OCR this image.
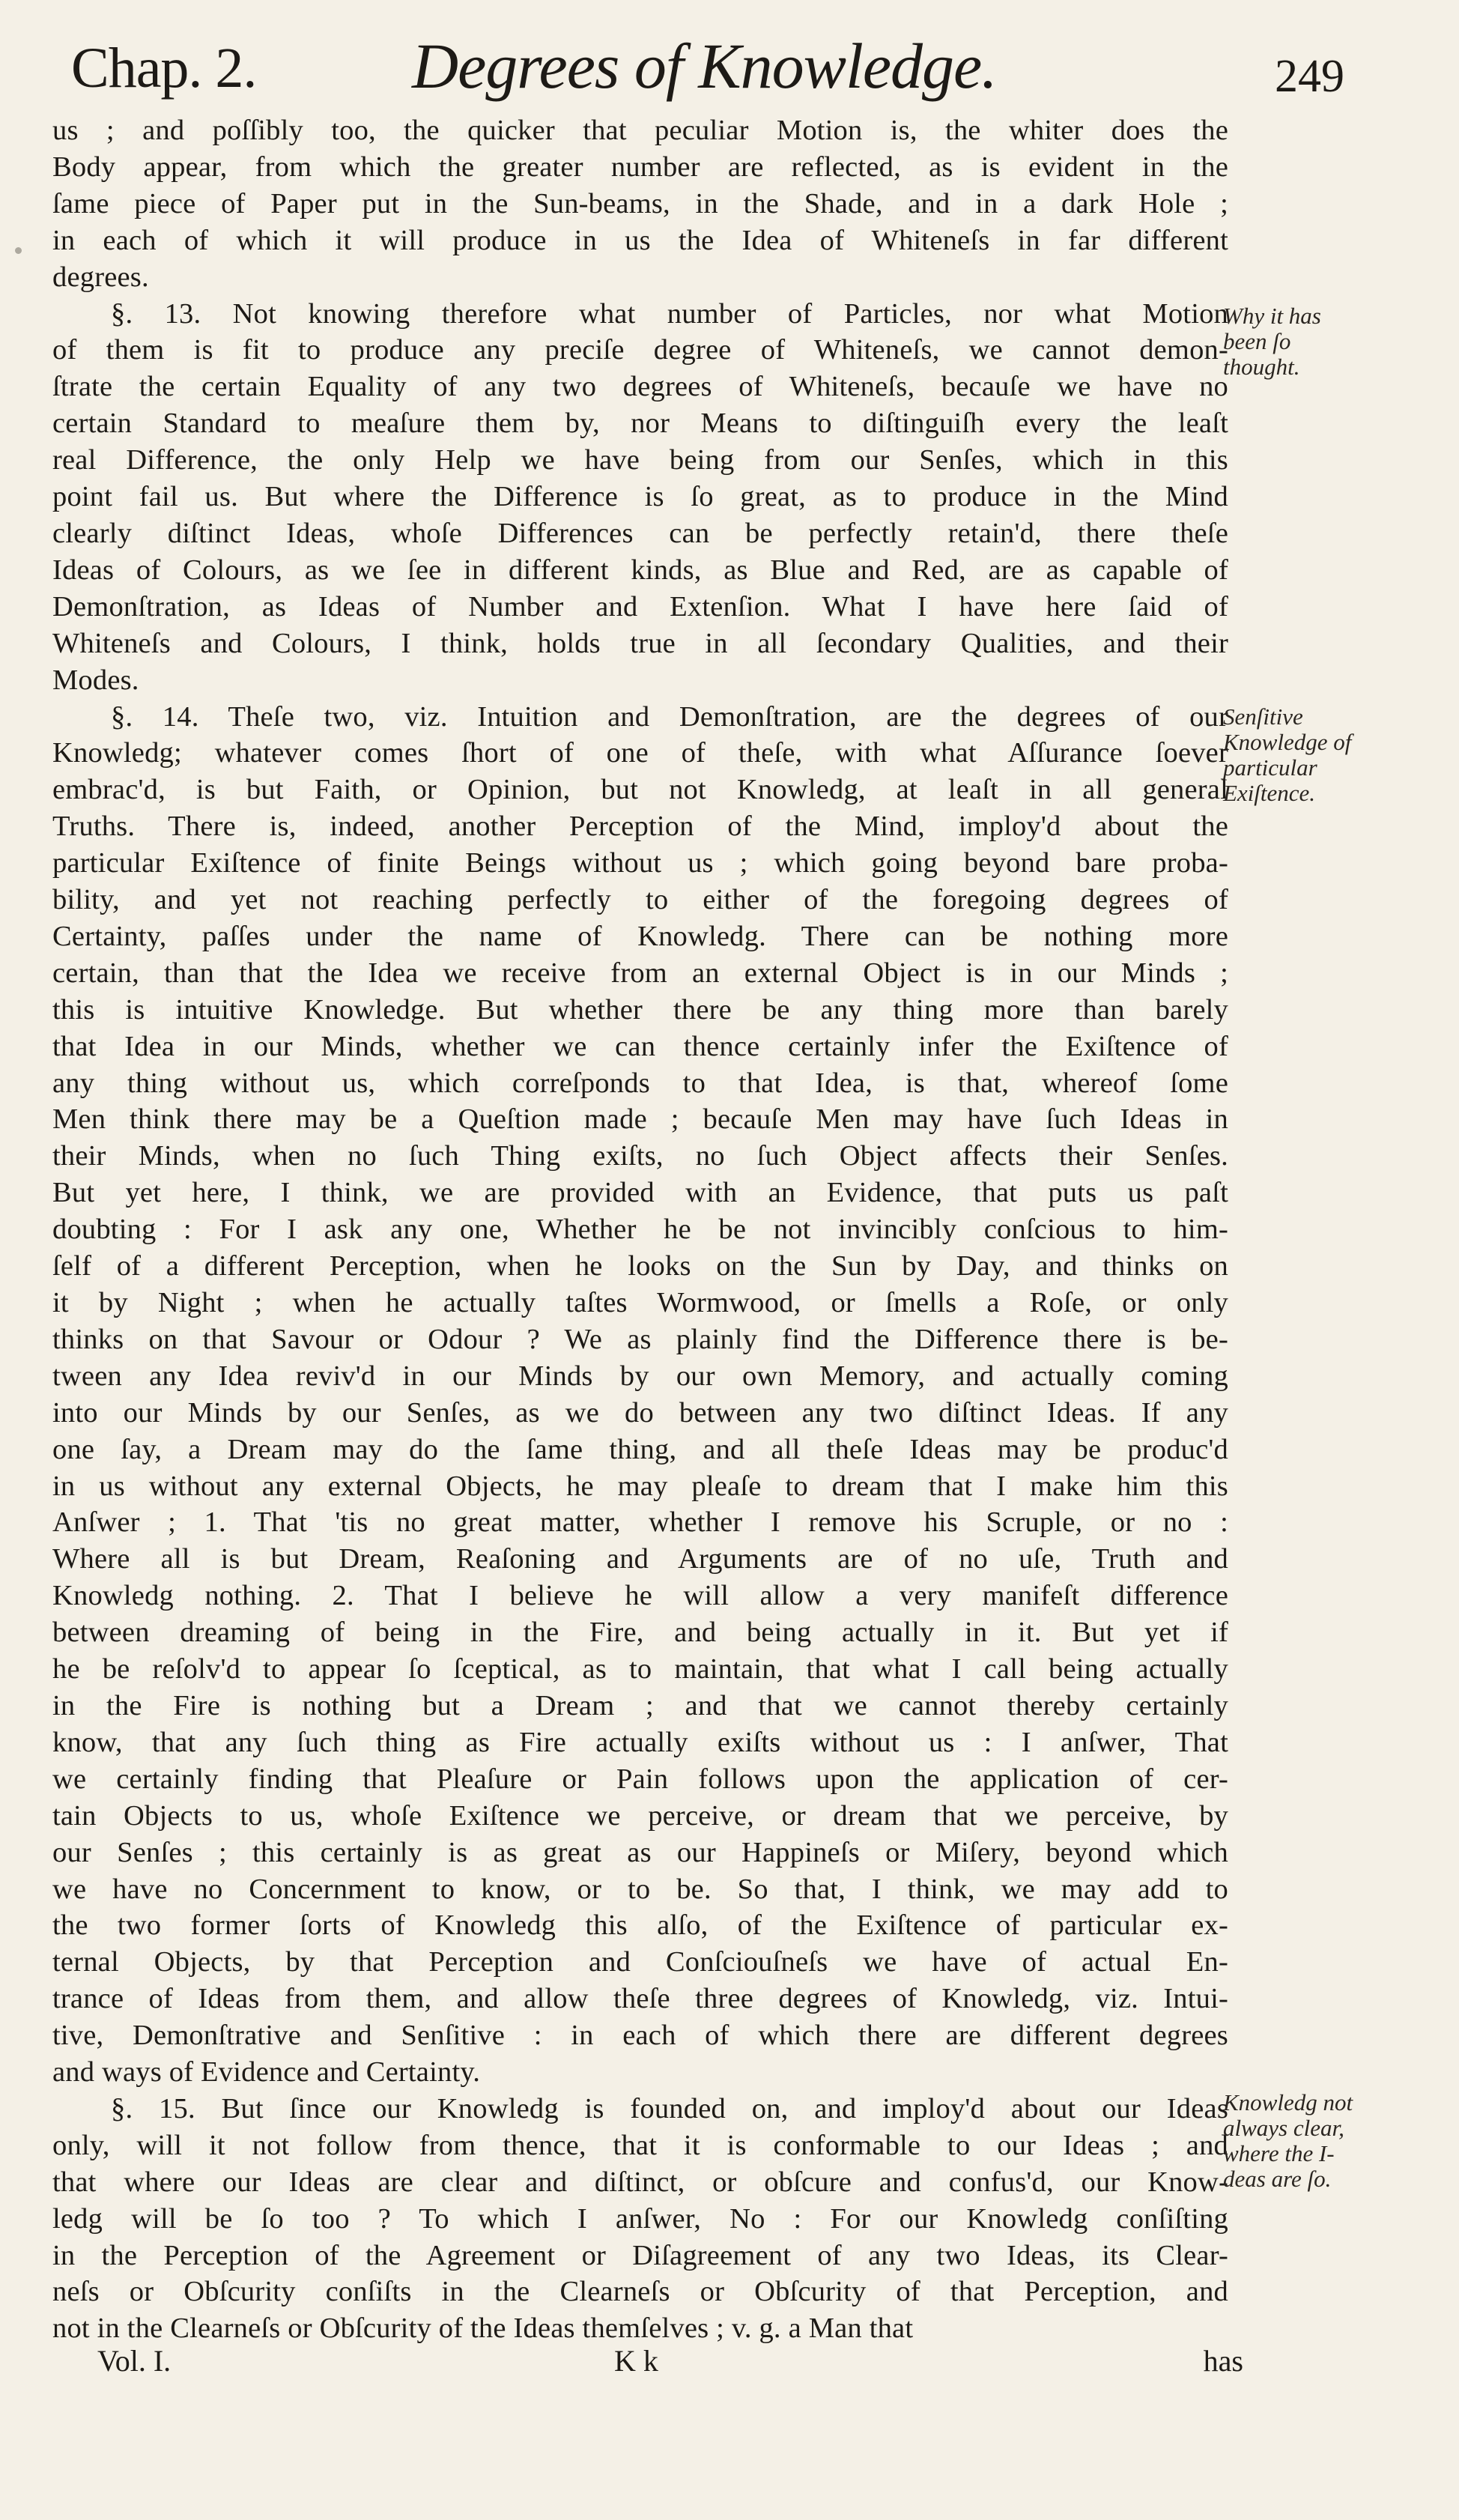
Chap. 2. Degrees of Knowledge.	249
us ; and poſſibly too, the quicker that peculiar Motion is, the whiter does the
Body appear, from which the greater number are reflected, as is evident in the
ſame piece of Paper put in the Sun-beams, in the Shade, and in a dark Hole ;
in each of which it will produce in us the Idea of Whiteneſs in far different
degrees.
§. 13. Not knowing therefore what number of Particles, nor what Motion
of them is fit to produce any preciſe degree of Whiteneſs, we cannot demon-
ſtrate the certain Equality of any two degrees of Whiteneſs, becauſe we have no
certain Standard to meaſure them by, nor Means to diſtinguiſh every the leaſt
real Difference, the only Help we have being from our Senſes, which in this
point fail us. But where the Difference is ſo great, as to produce in the Mind
clearly diſtinct Ideas, whoſe Differences can be perfectly retain'd, there theſe
Ideas of Colours, as we ſee in different kinds, as Blue and Red, are as capable of
Demonſtration, as Ideas of Number and Extenſion. What I have here ſaid of
Whiteneſs and Colours, I think, holds true in all ſecondary Qualities, and their
Modes.
§. 14. Theſe two, viz. Intuition and Demonſtration, are the degrees of our
Knowledg; whatever comes ſhort of one of theſe, with what Aſſurance ſoever
embrac'd, is but Faith, or Opinion, but not Knowledg, at leaſt in all general
Truths. There is, indeed, another Perception of the Mind, imploy'd about the
particular Exiſtence of finite Beings without us ; which going beyond bare proba-
bility, and yet not reaching perfectly to either of the foregoing degrees of
Certainty, paſſes under the name of Knowledg. There can be nothing more
certain, than that the Idea we receive from an external Object is in our Minds ;
this is intuitive Knowledge. But whether there be any thing more than barely
that Idea in our Minds, whether we can thence certainly infer the Exiſtence of
any thing without us, which correſponds to that Idea, is that, whereof ſome
Men think there may be a Queſtion made ; becauſe Men may have ſuch Ideas in
their Minds, when no ſuch Thing exiſts, no ſuch Object affects their Senſes.
But yet here, I think, we are provided with an Evidence, that puts us paſt
doubting : For I ask any one, Whether he be not invincibly conſcious to him-
ſelf of a different Perception, when he looks on the Sun by Day, and thinks on
it by Night ; when he actually taſtes Wormwood, or ſmells a Roſe, or only
thinks on that Savour or Odour ? We as plainly find the Difference there is be-
tween any Idea reviv'd in our Minds by our own Memory, and actually coming
into our Minds by our Senſes, as we do between any two diſtinct Ideas. If any
one ſay, a Dream may do the ſame thing, and all theſe Ideas may be produc'd
in us without any external Objects, he may pleaſe to dream that I make him this
Anſwer ; 1. That 'tis no great matter, whether I remove his Scruple, or no :
Where all is but Dream, Reaſoning and Arguments are of no uſe, Truth and
Knowledg nothing. 2. That I believe he will allow a very manifeſt difference
between dreaming of being in the Fire, and being actually in it. But yet if
he be reſolv'd to appear ſo ſceptical, as to maintain, that what I call being actually
in the Fire is nothing but a Dream ; and that we cannot thereby certainly
know, that any ſuch thing as Fire actually exiſts without us : I anſwer, That
we certainly finding that Pleaſure or Pain follows upon the application of cer-
tain Objects to us, whoſe Exiſtence we perceive, or dream that we perceive, by
our Senſes ; this certainly is as great as our Happineſs or Miſery, beyond which
we have no Concernment to know, or to be. So that, I think, we may add to
the two former ſorts of Knowledg this alſo, of the Exiſtence of particular ex-
ternal Objects, by that Perception and Conſciouſneſs we have of actual En-
trance of Ideas from them, and allow theſe three degrees of Knowledg, viz. Intui-
tive, Demonſtrative and Senſitive : in each of which there are different degrees
and ways of Evidence and Certainty.
§. 15. But ſince our Knowledg is founded on, and imploy'd about our Ideas
only, will it not follow from thence, that it is conformable to our Ideas ; and
that where our Ideas are clear and diſtinct, or obſcure and confus'd, our Know-
ledg will be ſo too ? To which I anſwer, No : For our Knowledg conſiſting
in the Perception of the Agreement or Diſagreement of any two Ideas, its Clear-
neſs or Obſcurity conſiſts in the Clearneſs or Obſcurity of that Perception, and
not in the Clearneſs or Obſcurity of the Ideas themſelves ; v. g. a Man that
Why it has
been ſo
thought.
Senſitive
Knowledge of
particular
Exiſtence.
Knowledg not
always clear,
where the I-
deas are ſo.
Vol. I.	K k	has
